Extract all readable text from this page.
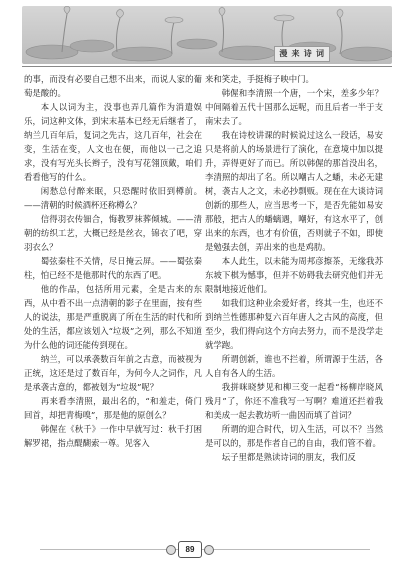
漫 来 诗 词

的事，而没有必要自己想不出来，而说人家的葡萄是酸的。

本人以词为主，没事也弄几篇作为消遣娱乐，词这种文体，到宋末基本已经无后继者了，纳兰几百年后，复词之先古，这几百年，社会在变，生活在变，人文也在便，而他以一己之追求，没有写光头长辫子，没有写花翎顶戴，咱们看看他写的什么。

闲愁总付醉来眠，只恐醒时依旧到樽前。——清朝的时候酒杯还称樽么？

信得羽衣传钿合，悔教罗袜葬倾城。——清朝的纺织工艺，大概已经是丝衣，锦衣了吧，穿羽衣么？

蜀弦秦柱不关情，尽日掩云屏。——蜀弦秦柱，怕已经不是他那时代的东西了吧。

他的作品，包括所用元素，全是古来的东西，从中看不出一点清朝的影子在里面，按有些人的说法，那是严重脱离了所在生活的时代和所处的生活，都应该划入“垃圾”之列，那么不知道为什么他的词还能传到现在。

纳兰，可以承袭数百年前之古意，而被视为正统，这还是过了数百年，为何今人之词作，凡是承袭古意的，都被划为“垃圾”呢？

再来看李清照，最出名的，“和羞走，倚门回首，却把青梅嗅”，那是他的原创么？

韩偓在《秋千》一作中早就写过：秋千打困解罗裙，指点醍醐索一尊。见客入

来和笑走，手挺梅子映中门。

韩偓和李清照一个唐，一个宋，差多少年？中间隔着五代十国那么远呢，而且后者一半于支南宋去了。

我在诗校讲课的时候说过这么一段话，易安只是将前人的场景进行了演化，在意境中加以提升，弄得更好了而已。所以韩偓的那首没出名，李清照的却出了名。所以嘲古人之蟠，未必无建树，袭古人之文，未必抄剽贩。现在在大谈诗词创新的那些人，应当思考一下，是否先能如易安那般，把古人的蟠螭遇，嘲好，有这水平了，创出来的东西，也才有价值，否则就子不如，即使是勉强去创，弄出来的也是鸡肋。

本人此生，以未能为周邦彦擦茶，无缘我苏东坡下棋为憾事，但并不妨碍我去研究他们并无限制地接近他们。

如我们这种业余爱好者，终其一生，也还不到纳兰性德那种复六百年唐人之古风的高度，但至少，我们得向这个方向去努力，而不是没学走就学跑。

所谓创新，谁也不拦着，所谓源于生活，各人自有各人的生活。

我拼咪晓梦见和柳三变一起看“杨柳岸晓风残月”了，你还不准我写一写啊？难道还拦着我和美成一起去教坊听一曲因而填了首词？

所谓的迎合时代，切入生活，可以不？当然是可以的，那是作者自己的自由，我们管不着。

坛子里都是熟读诗词的朋友，我们反

89
